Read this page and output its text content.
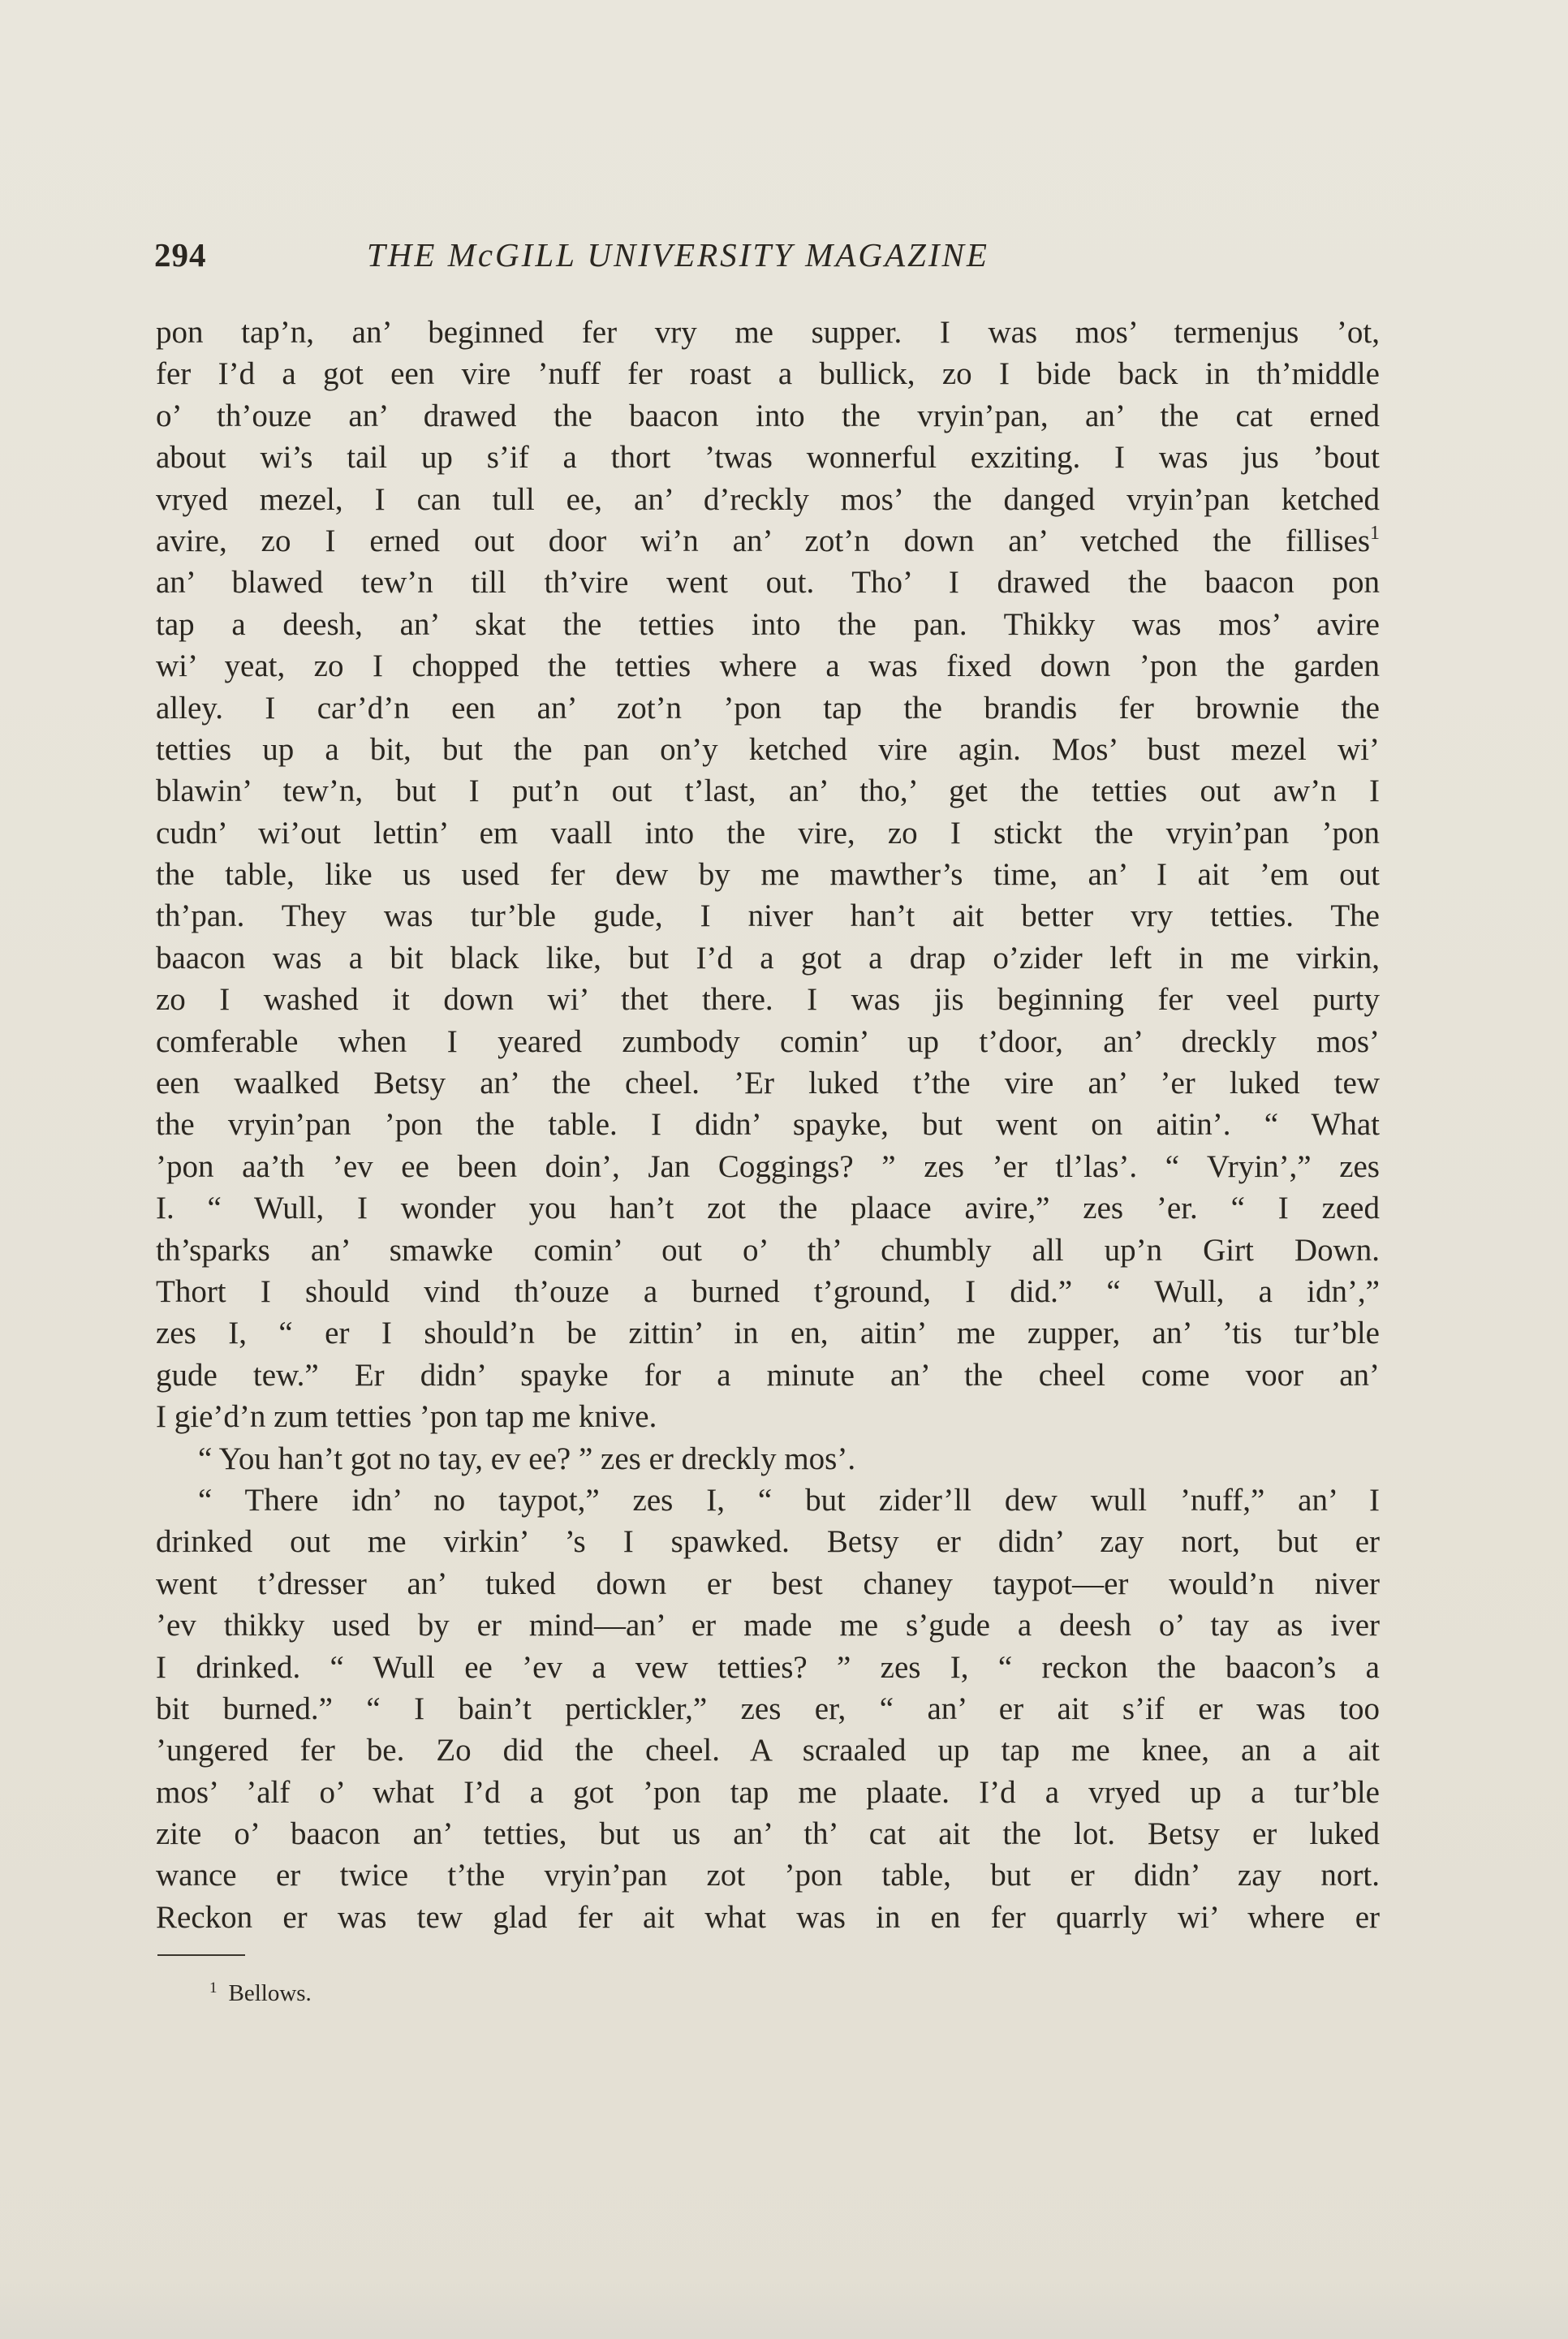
294	THE McGILL UNIVERSITY MAGAZINE
pon tap’n, an’ beginned fer vry me supper. I was mos’ termenjus ’ot,
fer I’d a got een vire ’nuff fer roast a bullick, zo I bide back in th’middle
o’ th’ouze an’ drawed the baacon into the vryin’pan, an’ the cat erned
about wi’s tail up s’if a thort ’twas wonnerful exziting. I was jus ’bout
vryed mezel, I can tull ee, an’ d’reckly mos’ the danged vryin’pan ketched
avire, zo I erned out door wi’n an’ zot’n down an’ vetched the fillises$^1$
an’ blawed tew’n till th’vire went out. Tho’ I drawed the baacon pon
tap a deesh, an’ skat the tetties into the pan. Thikky was mos’ avire
wi’ yeat, zo I chopped the tetties where a was fixed down ’pon the garden
alley. I car’d’n een an’ zot’n ’pon tap the brandis fer brownie the
tetties up a bit, but the pan on’y ketched vire agin. Mos’ bust mezel wi’
blawin’ tew’n, but I put’n out t’last, an’ tho,’ get the tetties out aw’n I
cudn’ wi’out lettin’ em vaall into the vire, zo I stickt the vryin’pan ’pon
the table, like us used fer dew by me mawther’s time, an’ I ait ’em out
th’pan. They was tur’ble gude, I niver han’t ait better vry tetties. The
baacon was a bit black like, but I’d a got a drap o’zider left in me virkin,
zo I washed it down wi’ thet there. I was jis beginning fer veel purty
comferable when I yeared zumbody comin’ up t’door, an’ dreckly mos’
een waalked Betsy an’ the cheel. ’Er luked t’the vire an’ ’er luked tew
the vryin’pan ’pon the table. I didn’ spayke, but went on aitin’. “ What
’pon aa’th ’ev ee been doin’, Jan Coggings? ” zes ’er tl’las’. “ Vryin’,” zes
I. “ Wull, I wonder you han’t zot the plaace avire,” zes ’er. “ I zeed
th’sparks an’ smawke comin’ out o’ th’ chumbly all up’n Girt Down.
Thort I should vind th’ouze a burned t’ground, I did.” “ Wull, a idn’,”
zes I, “ er I should’n be zittin’ in en, aitin’ me zupper, an’ ’tis tur’ble
gude tew.” Er didn’ spayke for a minute an’ the cheel come voor an’
I gie’d’n zum tetties ’pon tap me knive.
“ You han’t got no tay, ev ee? ” zes er dreckly mos’.
“ There idn’ no taypot,” zes I, “ but zider’ll dew wull ’nuff,” an’ I
drinked out me virkin’ ’s I spawked. Betsy er didn’ zay nort, but er
went t’dresser an’ tuked down er best chaney taypot—er would’n niver
’ev thikky used by er mind—an’ er made me s’gude a deesh o’ tay as iver
I drinked. “ Wull ee ’ev a vew tetties? ” zes I, “ reckon the baacon’s a
bit burned.” “ I bain’t perticklеr,” zes er, “ an’ er ait s’if er was too
’ungered fer be. Zo did the cheel. A scraaled up tap me knee, an a ait
mos’ ’alf o’ what I’d a got ’pon tap me plaate. I’d a vryed up a tur’ble
zite o’ baacon an’ tetties, but us an’ th’ cat ait the lot. Betsy er luked
wance er twice t’the vryin’pan zot ’pon table, but er didn’ zay nort.
Reckon er was tew glad fer ait what was in en fer quarrly wi’ where er
$^1$ Bellows.
